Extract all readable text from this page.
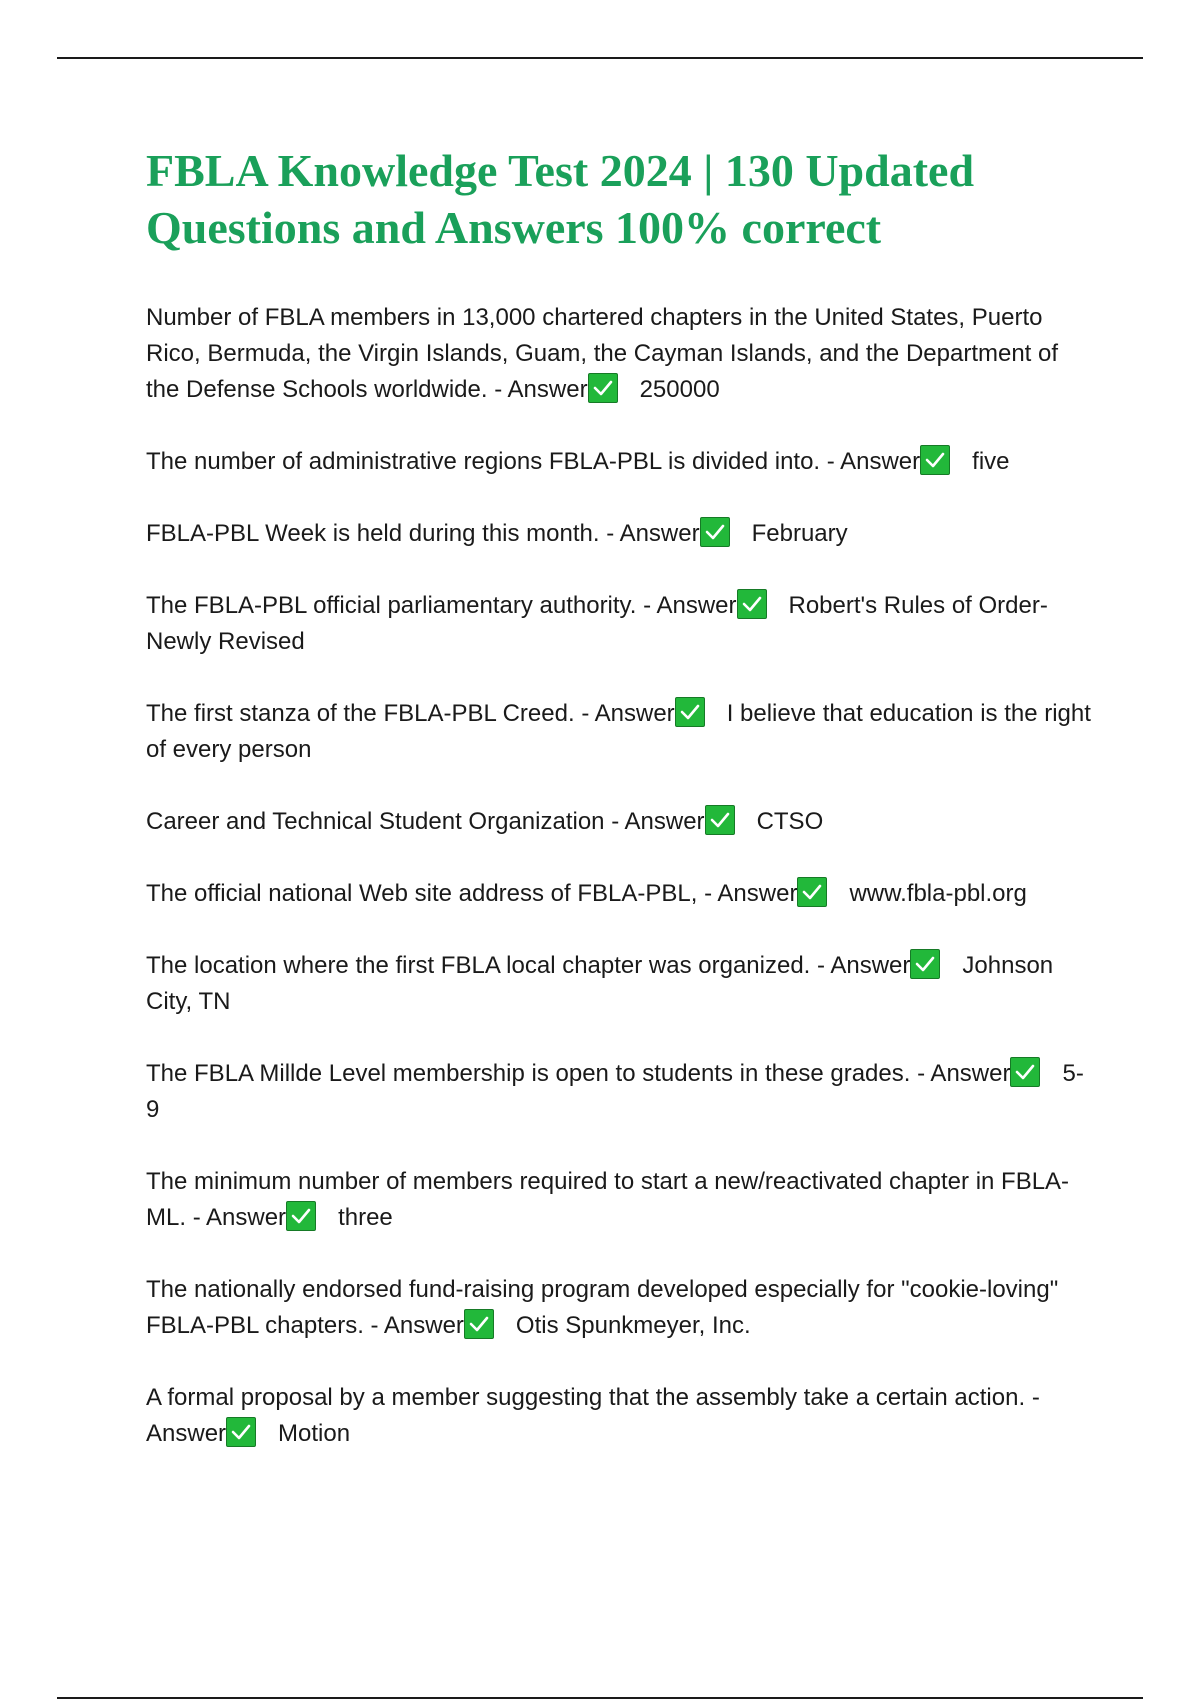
FBLA Knowledge Test 2024 | 130 Updated Questions and Answers 100% correct

Number of FBLA members in 13,000 chartered chapters in the United States, Puerto Rico, Bermuda, the Virgin Islands, Guam, the Cayman Islands, and the Department of the Defense Schools worldwide. - Answer 250000

The number of administrative regions FBLA-PBL is divided into. - Answer five

FBLA-PBL Week is held during this month. - Answer February

The FBLA-PBL official parliamentary authority. - Answer Robert's Rules of Order-Newly Revised

The first stanza of the FBLA-PBL Creed. - Answer I believe that education is the right of every person

Career and Technical Student Organization - Answer CTSO

The official national Web site address of FBLA-PBL, - Answer www.fbla-pbl.org

The location where the first FBLA local chapter was organized. - Answer Johnson City, TN

The FBLA Millde Level membership is open to students in these grades. - Answer 5-9

The minimum number of members required to start a new/reactivated chapter in FBLA-ML. - Answer three

The nationally endorsed fund-raising program developed especially for "cookie-loving" FBLA-PBL chapters. - Answer Otis Spunkmeyer, Inc.

A formal proposal by a member suggesting that the assembly take a certain action. - Answer Motion
